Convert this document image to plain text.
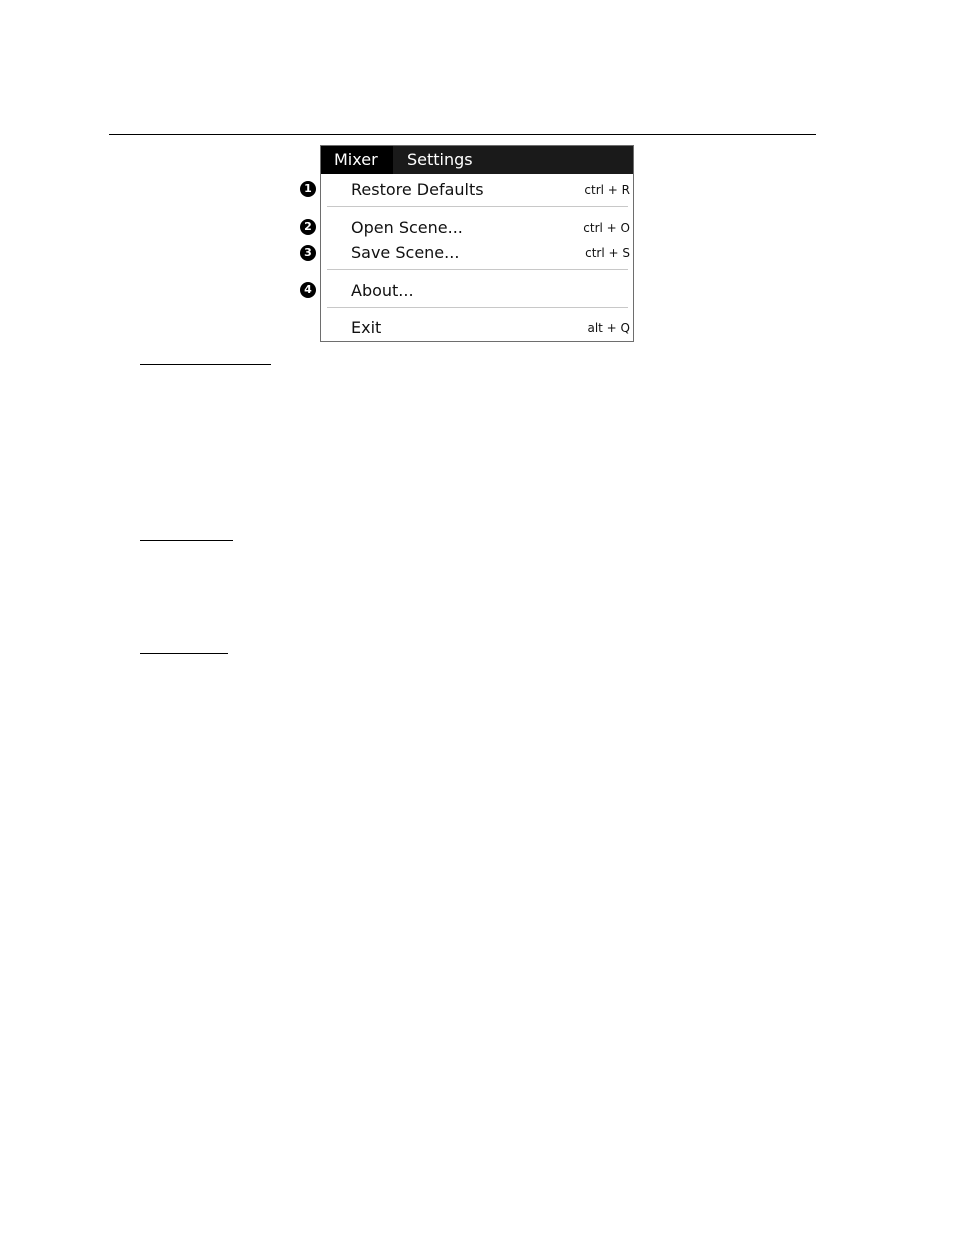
1
2
3
4
Mixer	Settings
Restore Defaults	ctrl + R
Open Scene...	ctrl + O
Save Scene...	ctrl + S
About...
Exit	alt + Q
